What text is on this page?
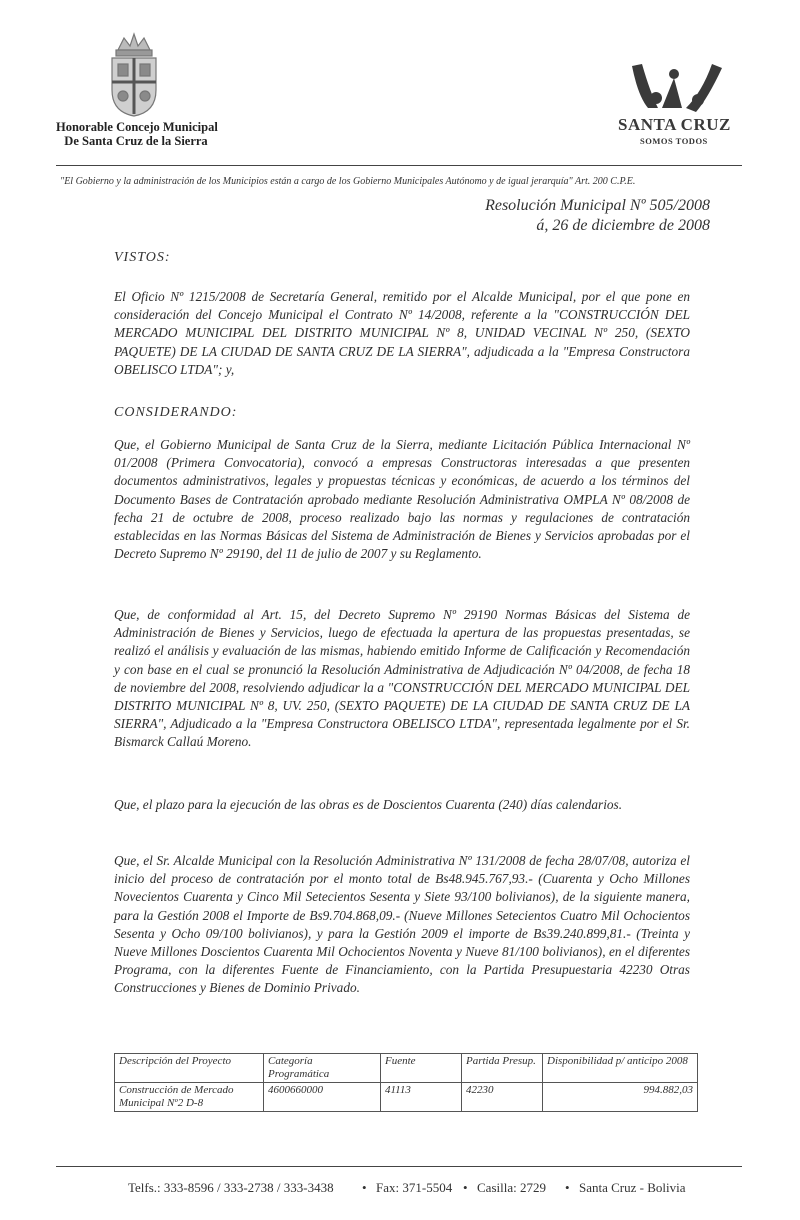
Honorable Concejo Municipal
De Santa Cruz de la Sierra
SANTA CRUZ
SOMOS TODOS
"El Gobierno y la administración de los Municipios están a cargo de los Gobierno Municipales Autónomo y de igual jerarquía" Art. 200 C.P.E.
Resolución Municipal Nº 505/2008
á, 26 de diciembre de 2008
VISTOS:
El Oficio Nº 1215/2008 de Secretaría General, remitido por el Alcalde Municipal, por el que pone en consideración del Concejo Municipal el Contrato Nº 14/2008, referente a la "CONSTRUCCIÓN DEL MERCADO MUNICIPAL DEL DISTRITO MUNICIPAL Nº 8, UNIDAD VECINAL Nº 250, (SEXTO PAQUETE) DE LA CIUDAD DE SANTA CRUZ DE LA SIERRA", adjudicada a la "Empresa Constructora OBELISCO LTDA"; y,
CONSIDERANDO:
Que, el Gobierno Municipal de Santa Cruz de la Sierra, mediante Licitación Pública Internacional Nº 01/2008 (Primera Convocatoria), convocó a empresas Constructoras interesadas a que presenten documentos administrativos, legales y propuestas técnicas y económicas, de acuerdo a los términos del Documento Bases de Contratación aprobado mediante Resolución Administrativa OMPLA Nº 08/2008 de fecha 21 de octubre de 2008, proceso realizado bajo las normas y regulaciones de contratación establecidas en las Normas Básicas del Sistema de Administración de Bienes y Servicios aprobadas por el Decreto Supremo Nº 29190, del 11 de julio de 2007 y su Reglamento.
Que, de conformidad al Art. 15, del Decreto Supremo Nº 29190 Normas Básicas del Sistema de Administración de Bienes y Servicios, luego de efectuada la apertura de las propuestas presentadas, se realizó el análisis y evaluación de las mismas, habiendo emitido Informe de Calificación y Recomendación y con base en el cual se pronunció la Resolución Administrativa de Adjudicación Nº 04/2008, de fecha 18 de noviembre del 2008, resolviendo adjudicar la a "CONSTRUCCIÓN DEL MERCADO MUNICIPAL DEL DISTRITO MUNICIPAL Nº 8, UV. 250, (SEXTO PAQUETE) DE LA CIUDAD DE SANTA CRUZ DE LA SIERRA", Adjudicado a la "Empresa Constructora OBELISCO LTDA", representada legalmente por el Sr. Bismarck Callaú Moreno.
Que, el plazo para la ejecución de las obras es de Doscientos Cuarenta (240) días calendarios.
Que, el Sr. Alcalde Municipal con la Resolución Administrativa Nº 131/2008 de fecha 28/07/08, autoriza el inicio del proceso de contratación por el monto total de Bs48.945.767,93.- (Cuarenta y Ocho Millones Novecientos Cuarenta y Cinco Mil Setecientos Sesenta y Siete 93/100 bolivianos), de la siguiente manera, para la Gestión 2008 el Importe de Bs9.704.868,09.- (Nueve Millones Setecientos Cuatro Mil Ochocientos Sesenta y Ocho 09/100 bolivianos), y para la Gestión 2009 el importe de Bs39.240.899,81.- (Treinta y Nueve Millones Doscientos Cuarenta Mil Ochocientos Noventa y Nueve 81/100 bolivianos), en el diferentes Programa, con la diferentes Fuente de Financiamiento, con la Partida Presupuestaria 42230 Otras Construcciones y Bienes de Dominio Privado.
Descripción del Proyecto	Categoría Programática	Fuente	Partida Presup.	Disponibilidad p/ anticipo 2008
Construcción de Mercado Municipal Nº2 D-8	4600660000	41113	42230	994.882,03
Telfs.: 333-8596 / 333-2738 / 333-3438 • Fax: 371-5504 • Casilla: 2729 • Santa Cruz - Bolivia
